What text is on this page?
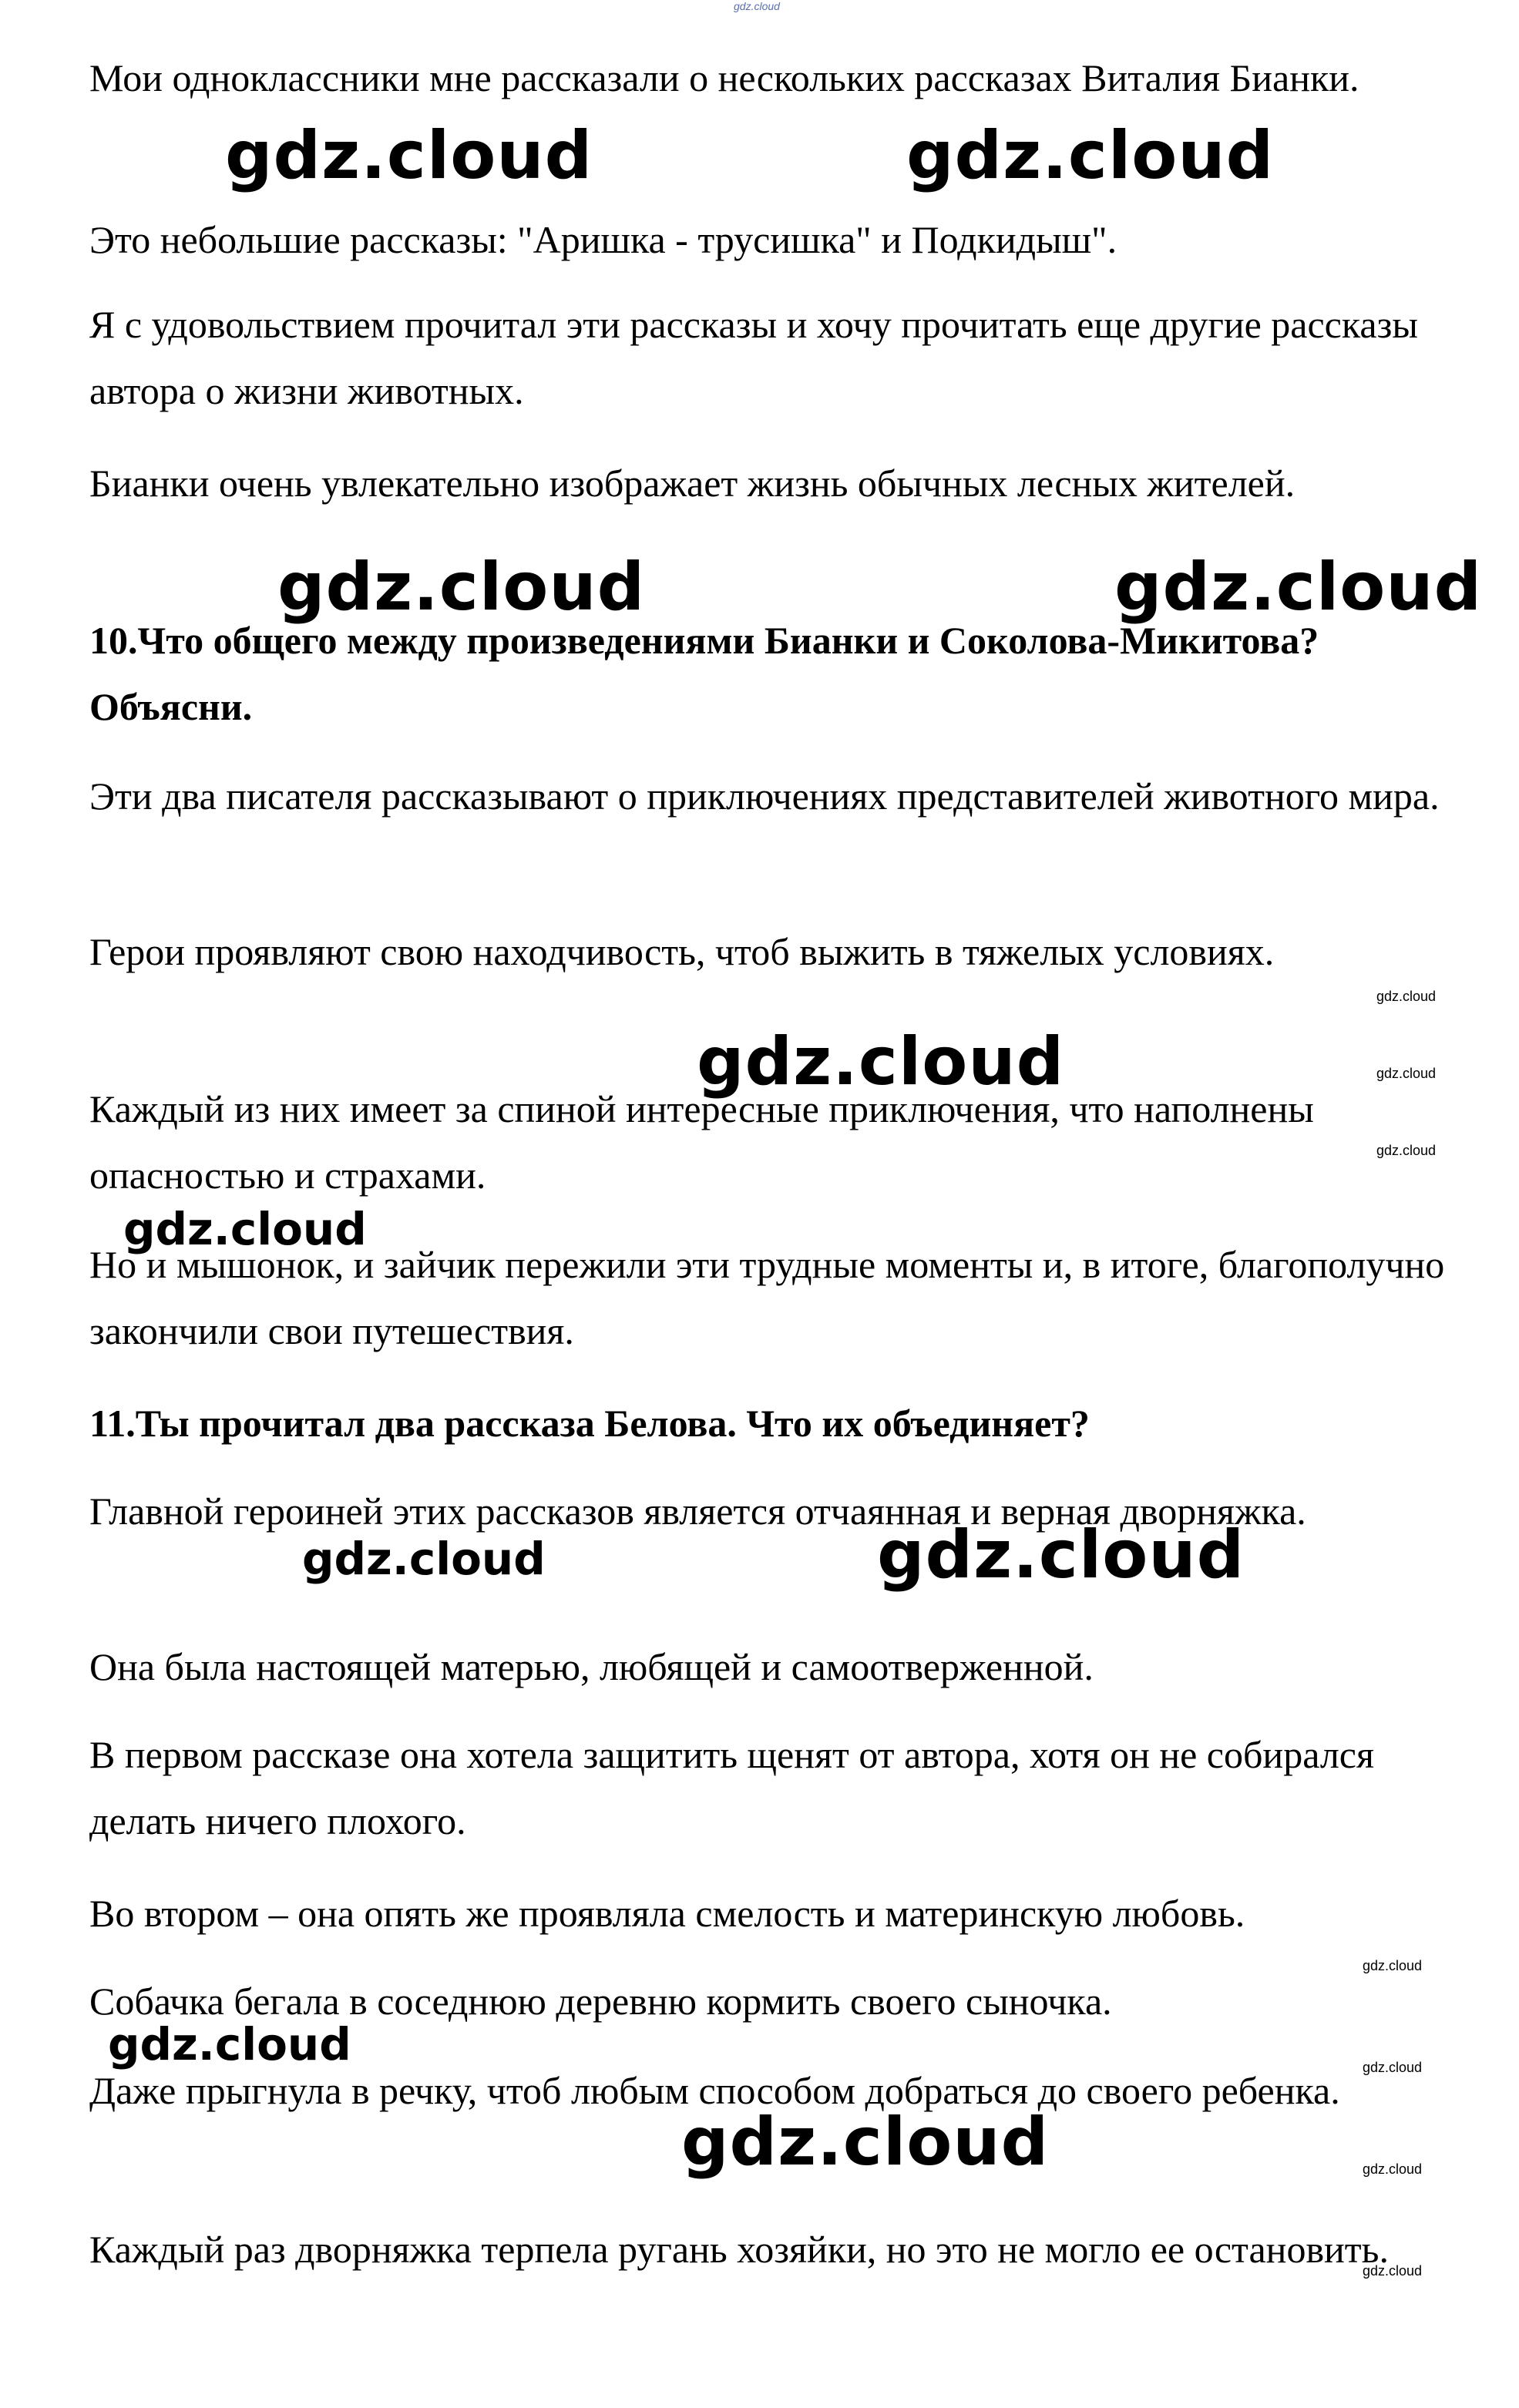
gdz.cloud

Мои одноклассники мне рассказали о нескольких рассказах Виталия Бианки.

Это небольшие рассказы: "Аришка - трусишка" и Подкидыш".

Я с удовольствием прочитал эти рассказы и хочу прочитать еще другие рассказы автора о жизни животных.

Бианки очень увлекательно изображает жизнь обычных лесных жителей.

10.Что общего между произведениями Бианки и Соколова-Микитова? Объясни.

Эти два писателя рассказывают о приключениях представителей животного мира.

Герои проявляют свою находчивость, чтоб выжить в тяжелых условиях.

Каждый из них имеет за спиной интересные приключения, что наполнены опасностью и страхами.

Но и мышонок, и зайчик пережили эти трудные моменты и, в итоге, благополучно закончили свои путешествия.

11.Ты прочитал два рассказа Белова. Что их объединяет?

Главной героиней этих рассказов является отчаянная и верная дворняжка.

Она была настоящей матерью, любящей и самоотверженной.

В первом рассказе она хотела защитить щенят от автора, хотя он не собирался делать ничего плохого.

Во втором – она опять же проявляла смелость и материнскую любовь.

Собачка бегала в соседнюю деревню кормить своего сыночка.

Даже прыгнула в речку, чтоб любым способом добраться до своего ребенка.

Каждый раз дворняжка терпела ругань хозяйки, но это не могло ее остановить.

gdz.cloud	gdz.cloud
gdz.cloud	gdz.cloud
gdz.cloud
gdz.cloud
gdz.cloud
gdz.cloud
gdz.cloud
gdz.cloud
gdz.cloud
gdz.cloud
gdz.cloud
gdz.cloud
gdz.cloud
gdz.cloud
gdz.cloud
